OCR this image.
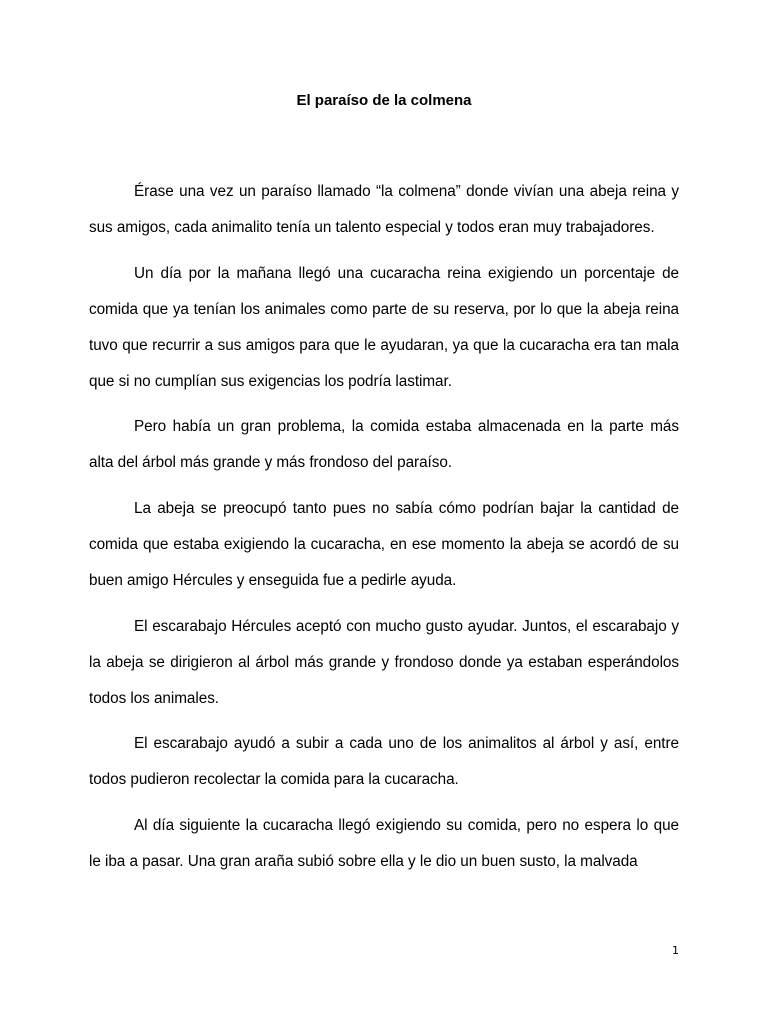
El paraíso de la colmena

Érase una vez un paraíso llamado “la colmena” donde vivían una abeja reina y sus amigos, cada animalito tenía un talento especial y todos eran muy trabajadores.

Un día por la mañana llegó una cucaracha reina exigiendo un porcentaje de comida que ya tenían los animales como parte de su reserva, por lo que la abeja reina tuvo que recurrir a sus amigos para que le ayudaran, ya que la cucaracha era tan mala que si no cumplían sus exigencias los podría lastimar.

Pero había un gran problema, la comida estaba almacenada en la parte más alta del árbol más grande y más frondoso del paraíso.

La abeja se preocupó tanto pues no sabía cómo podrían bajar la cantidad de comida que estaba exigiendo la cucaracha, en ese momento la abeja se acordó de su buen amigo Hércules y enseguida fue a pedirle ayuda.

El escarabajo Hércules aceptó con mucho gusto ayudar. Juntos, el escarabajo y la abeja se dirigieron al árbol más grande y frondoso donde ya estaban esperándolos todos los animales.

El escarabajo ayudó a subir a cada uno de los animalitos al árbol y así, entre todos pudieron recolectar la comida para la cucaracha.

Al día siguiente la cucaracha llegó exigiendo su comida, pero no espera lo que le iba a pasar. Una gran araña subió sobre ella y le dio un buen susto, la malvada

1
